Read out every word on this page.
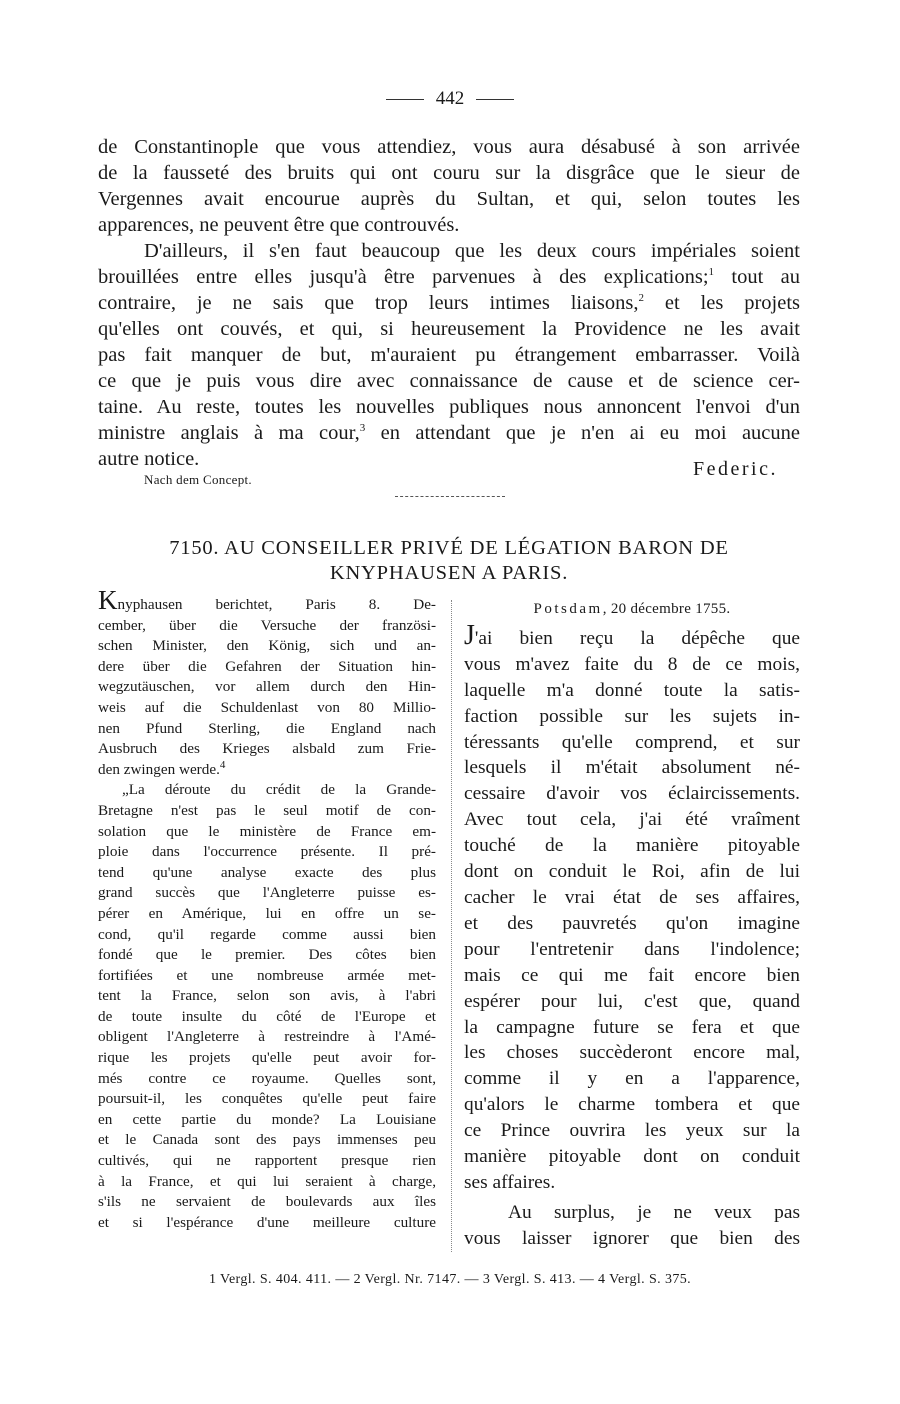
442
de Constantinople que vous attendiez, vous aura désabusé à son arrivée
de la fausseté des bruits qui ont couru sur la disgrâce que le sieur de
Vergennes avait encourue auprès du Sultan, et qui, selon toutes les
apparences, ne peuvent être que controuvés.
D'ailleurs, il s'en faut beaucoup que les deux cours impériales soient
brouillées entre elles jusqu'à être parvenues à des explications;$^1$ tout au
contraire, je ne sais que trop leurs intimes liaisons,$^2$ et les projets
qu'elles ont couvés, et qui, si heureusement la Providence ne les avait
pas fait manquer de but, m'auraient pu étrangement embarrasser. Voilà
ce que je puis vous dire avec connaissance de cause et de science cer-
taine. Au reste, toutes les nouvelles publiques nous annoncent l'envoi d'un
ministre anglais à ma cour,$^3$ en attendant que je n'en ai eu moi aucune
autre notice.
Nach dem Concept.	Federic.
7150. AU CONSEILLER PRIVÉ DE LÉGATION BARON DE
KNYPHAUSEN A PARIS.
Knyphausen berichtet, Paris 8. De-
cember, über die Versuche der französi-
schen Minister, den König, sich und an-
dere über die Gefahren der Situation hin-
wegzutäuschen, vor allem durch den Hin-
weis auf die Schuldenlast von 80 Millio-
nen Pfund Sterling, die England nach
Ausbruch des Krieges alsbald zum Frie-
den zwingen werde.$^4$
„La déroute du crédit de la Grande-
Bretagne n'est pas le seul motif de con-
solation que le ministère de France em-
ploie dans l'occurrence présente. Il pré-
tend qu'une analyse exacte des plus
grand succès que l'Angleterre puisse es-
pérer en Amérique, lui en offre un se-
cond, qu'il regarde comme aussi bien
fondé que le premier. Des côtes bien
fortifiées et une nombreuse armée met-
tent la France, selon son avis, à l'abri
de toute insulte du côté de l'Europe et
obligent l'Angleterre à restreindre à l'Amé-
rique les projets qu'elle peut avoir for-
més contre ce royaume. Quelles sont,
poursuit-il, les conquêtes qu'elle peut faire
en cette partie du monde? La Louisiane
et le Canada sont des pays immenses peu
cultivés, qui ne rapportent presque rien
à la France, et qui lui seraient à charge,
s'ils ne servaient de boulevards aux îles
et si l'espérance d'une meilleure culture
Potsdam, 20 décembre 1755.
J'ai bien reçu la dépêche que
vous m'avez faite du 8 de ce mois,
laquelle m'a donné toute la satis-
faction possible sur les sujets in-
téressants qu'elle comprend, et sur
lesquels il m'était absolument né-
cessaire d'avoir vos éclaircissements.
Avec tout cela, j'ai été vraîment
touché de la manière pitoyable
dont on conduit le Roi, afin de lui
cacher le vrai état de ses affaires,
et des pauvretés qu'on imagine
pour l'entretenir dans l'indolence;
mais ce qui me fait encore bien
espérer pour lui, c'est que, quand
la campagne future se fera et que
les choses succèderont encore mal,
comme il y en a l'apparence,
qu'alors le charme tombera et que
ce Prince ouvrira les yeux sur la
manière pitoyable dont on conduit
ses affaires.
Au surplus, je ne veux pas
vous laisser ignorer que bien des
1 Vergl. S. 404. 411. — 2 Vergl. Nr. 7147. — 3 Vergl. S. 413. — 4 Vergl. S. 375.
